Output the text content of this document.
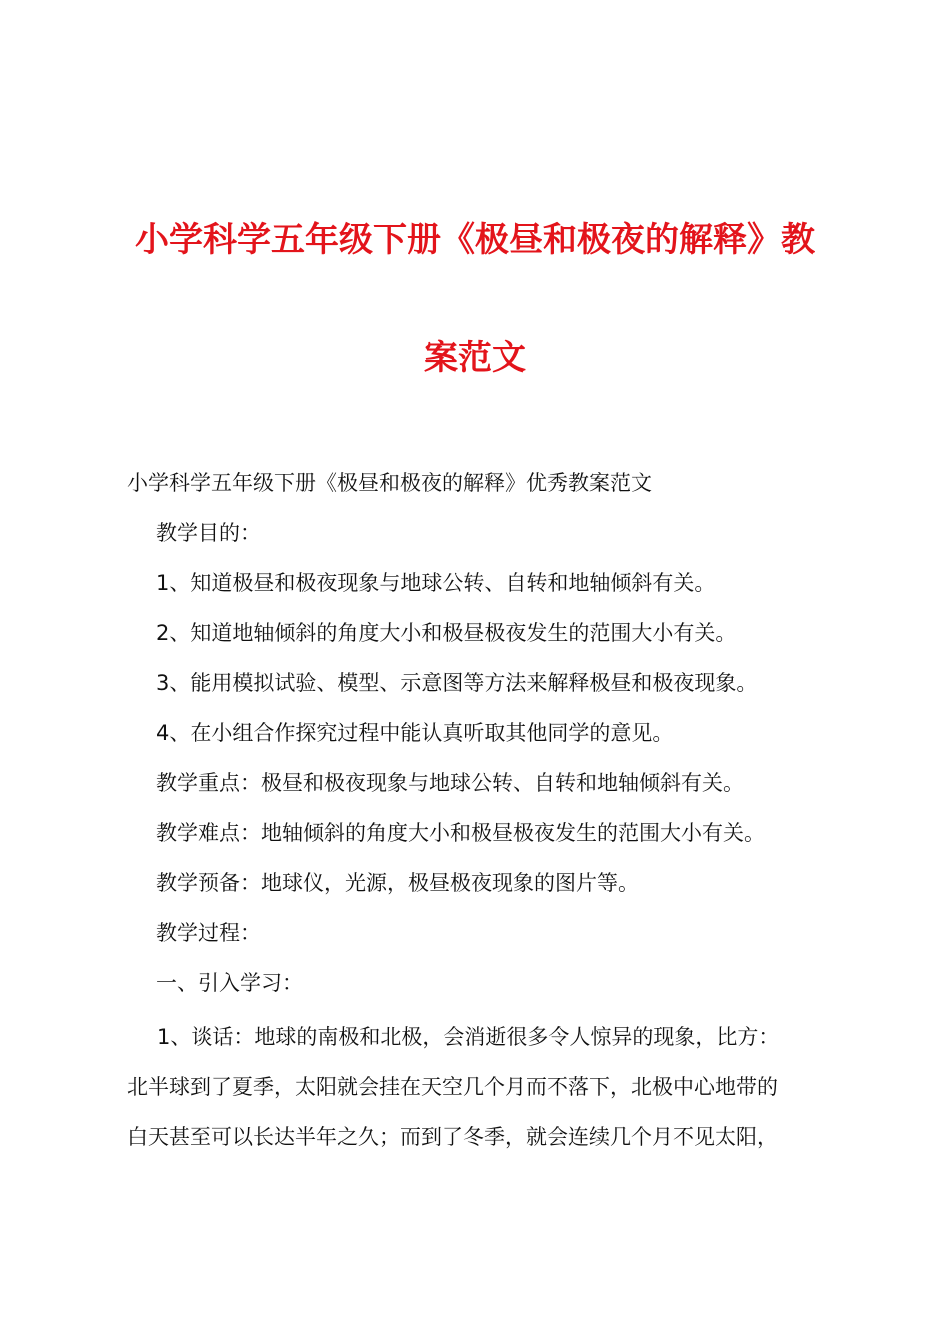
小学科学五年级下册《极昼和极夜的解释》教
案范文
小学科学五年级下册《极昼和极夜的解释》优秀教案范文
教学目的：
1、知道极昼和极夜现象与地球公转、自转和地轴倾斜有关。
2、知道地轴倾斜的角度大小和极昼极夜发生的范围大小有关。
3、能用模拟试验、模型、示意图等方法来解释极昼和极夜现象。
4、在小组合作探究过程中能认真听取其他同学的意见。
教学重点：极昼和极夜现象与地球公转、自转和地轴倾斜有关。
教学难点：地轴倾斜的角度大小和极昼极夜发生的范围大小有关。
教学预备：地球仪，光源，极昼极夜现象的图片等。
教学过程：
一、引入学习：
1、谈话：地球的南极和北极，会消逝很多令人惊异的现象，比方：
北半球到了夏季，太阳就会挂在天空几个月而不落下，北极中心地带的
白天甚至可以长达半年之久；而到了冬季，就会连续几个月不见太阳，
